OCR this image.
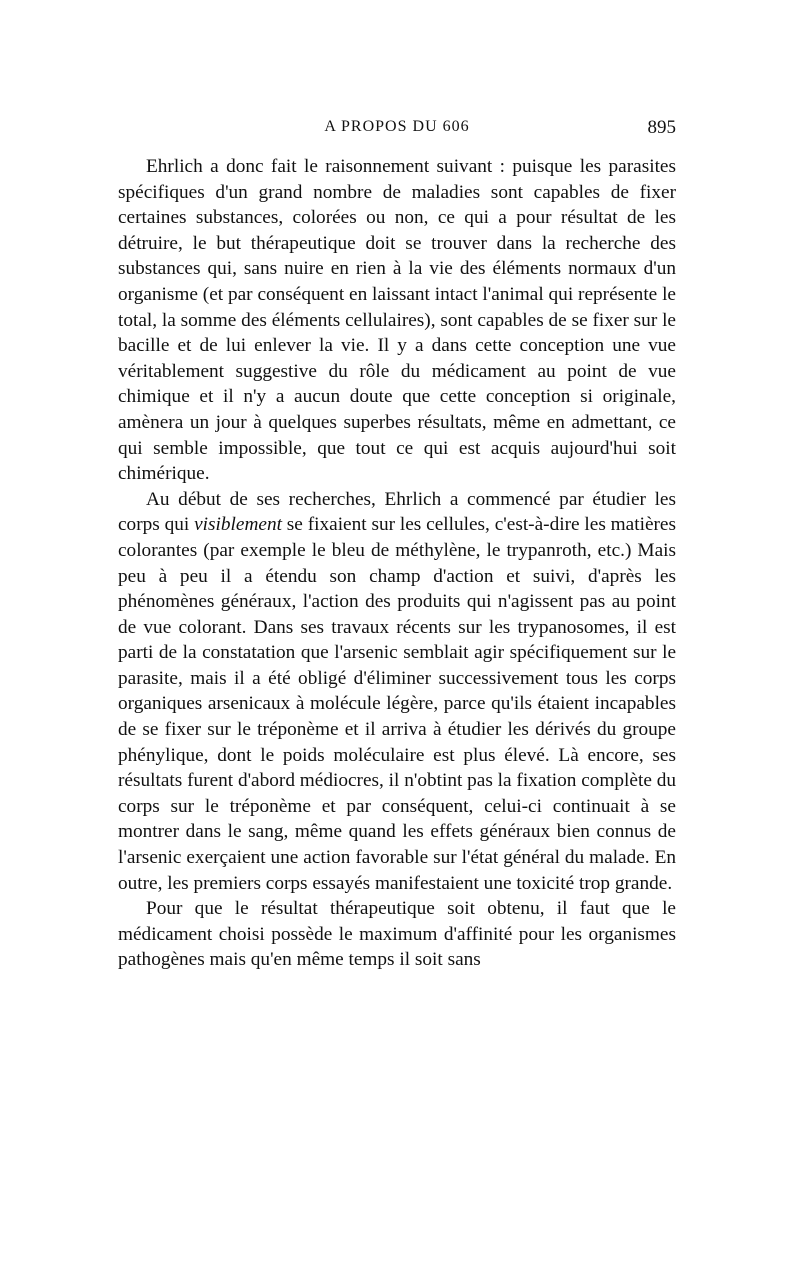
A PROPOS DU 606	895

Ehrlich a donc fait le raisonnement suivant : puisque les parasites spécifiques d'un grand nombre de maladies sont capables de fixer certaines substances, colorées ou non, ce qui a pour résultat de les détruire, le but thérapeutique doit se trouver dans la recherche des substances qui, sans nuire en rien à la vie des éléments normaux d'un organisme (et par conséquent en laissant intact l'animal qui représente le total, la somme des éléments cellulaires), sont capables de se fixer sur le bacille et de lui enlever la vie. Il y a dans cette conception une vue véritablement suggestive du rôle du médicament au point de vue chimique et il n'y a aucun doute que cette conception si originale, amènera un jour à quelques superbes résultats, même en admettant, ce qui semble impossible, que tout ce qui est acquis aujourd'hui soit chimérique.

Au début de ses recherches, Ehrlich a commencé par étudier les corps qui visiblement se fixaient sur les cellules, c'est-à-dire les matières colorantes (par exemple le bleu de méthylène, le trypanroth, etc.) Mais peu à peu il a étendu son champ d'action et suivi, d'après les phénomènes généraux, l'action des produits qui n'agissent pas au point de vue colorant. Dans ses travaux récents sur les trypanosomes, il est parti de la constatation que l'arsenic semblait agir spécifiquement sur le parasite, mais il a été obligé d'éliminer successivement tous les corps organiques arsenicaux à molécule légère, parce qu'ils étaient incapables de se fixer sur le tréponème et il arriva à étudier les dérivés du groupe phénylique, dont le poids moléculaire est plus élevé. Là encore, ses résultats furent d'abord médiocres, il n'obtint pas la fixation complète du corps sur le tréponème et par conséquent, celui-ci continuait à se montrer dans le sang, même quand les effets généraux bien connus de l'arsenic exerçaient une action favorable sur l'état général du malade. En outre, les premiers corps essayés manifestaient une toxicité trop grande.

Pour que le résultat thérapeutique soit obtenu, il faut que le médicament choisi possède le maximum d'affinité pour les organismes pathogènes mais qu'en même temps il soit sans
